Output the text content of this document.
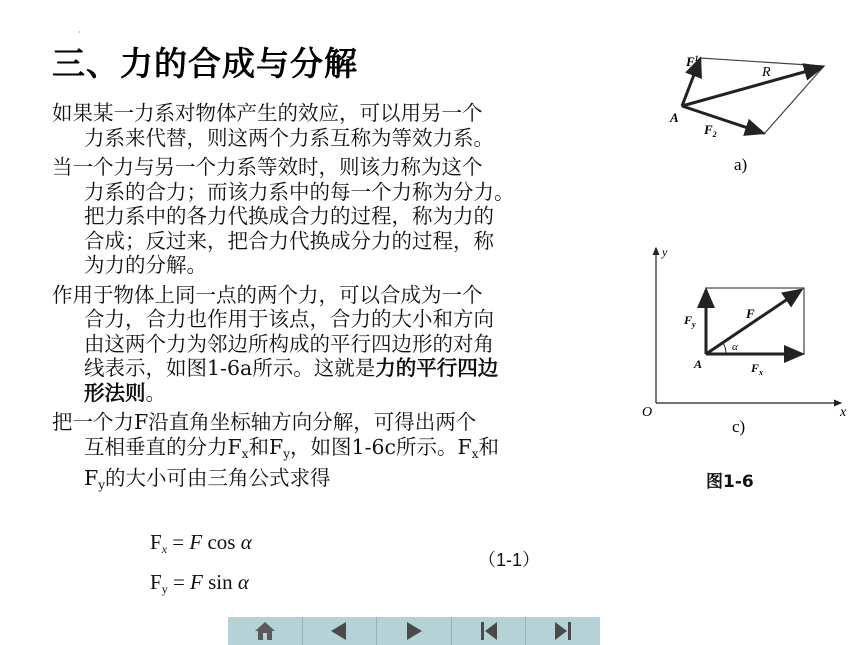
·
三、力的合成与分解

如果某一力系对物体产生的效应，可以用另一个
力系来代替，则这两个力系互称为等效力系。

当一个力与另一个力系等效时，则该力称为这个
力系的合力；而该力系中的每一个力称为分力。
把力系中的各力代换成合力的过程，称为力的
合成；反过来，把合力代换成分力的过程，称
为力的分解。

作用于物体上同一点的两个力，可以合成为一个
合力，合力也作用于该点，合力的大小和方向
由这两个力为邻边所构成的平行四边形的对角
线表示，如图1-6a所示。这就是力的平行四边
形法则。

把一个力F沿直角坐标轴方向分解，可得出两个
互相垂直的分力$F_x$和$F_y$，如图1-6c所示。$F_x$和
$F_y$的大小可由三角公式求得

$F_x = F$ cos α
$F_y = F$ sin α
（1-1）
$F^1$
$F_2$
R
A
a)
y
x
O
$F_y$
F
$F_x$
A
α
c)
图1-6
